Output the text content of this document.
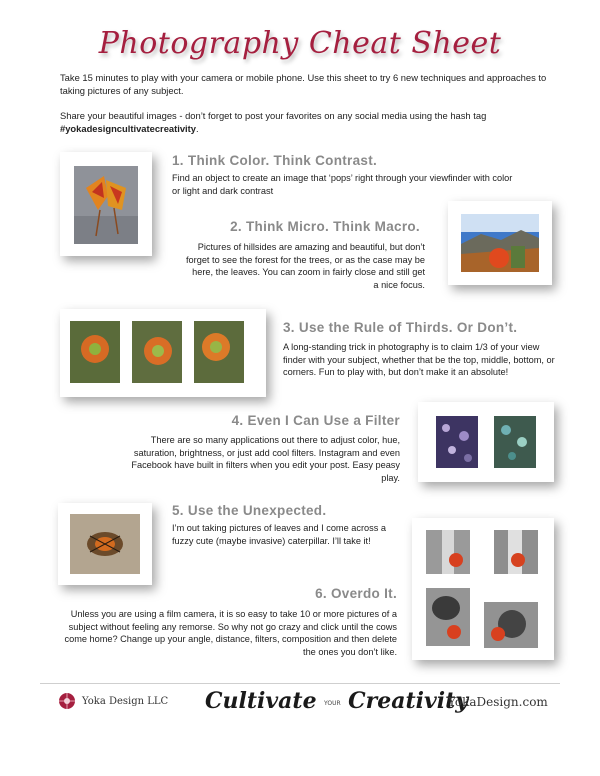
Photography Cheat Sheet
Take 15 minutes to play with your camera or mobile phone. Use this sheet to try 6 new techniques and approaches to taking pictures of any subject.
Share your beautiful images - don’t forget to post your favorites on any social media using the hash tag #yokadesigncultivatecreativity.
1. Think Color. Think Contrast.
Find an object to create an image that ‘pops’ right through your viewfinder with color or light and dark contrast
2. Think Micro. Think Macro.
Pictures of hillsides are amazing and beautiful, but don’t forget to see the forest for the trees, or as the case may be here, the leaves. You can zoom in fairly close and still get a nice focus.
3. Use the Rule of Thirds. Or Don’t.
A long-standing trick in photography is to claim 1/3 of your view finder with your subject, whether that be the top, middle, bottom, or corners. Fun to play with, but don’t make it an absolute!
4. Even I Can Use a Filter
There are so many applications out there to adjust color, hue, saturation, brightness, or just add cool filters. Instagram and even Facebook have built in filters when you edit your post. Easy peasy play.
5. Use the Unexpected.
I’m out taking pictures of leaves and I come across a fuzzy cute (maybe invasive) caterpillar. I’ll take it!
6. Overdo It.
Unless you are using a film camera, it is so easy to take 10 or more pictures of a subject without feeling any remorse. So why not go crazy and click until the cows come home? Change up your angle, distance, filters, composition and then delete the ones you don’t like.
Yoka Design LLC Cultivate YOUR Creativity
YokaDesign.com
